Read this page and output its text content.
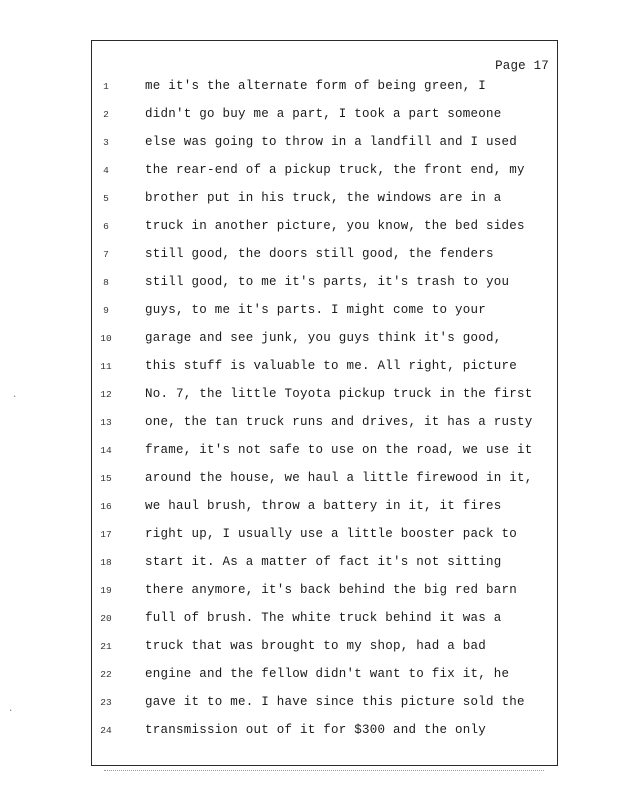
Page 17
1	me it's the alternate form of being green, I
2	didn't go buy me a part, I took a part someone
3	else was going to throw in a landfill and I used
4	the rear-end of a pickup truck, the front end, my
5	brother put in his truck, the windows are in a
6	truck in another picture, you know, the bed sides
7	still good, the doors still good, the fenders
8	still good, to me it's parts, it's trash to you
9	guys, to me it's parts. I might come to your
10	garage and see junk, you guys think it's good,
11	this stuff is valuable to me. All right, picture
12	No. 7, the little Toyota pickup truck in the first
13	one, the tan truck runs and drives, it has a rusty
14	frame, it's not safe to use on the road, we use it
15	around the house, we haul a little firewood in it,
16	we haul brush, throw a battery in it, it fires
17	right up, I usually use a little booster pack to
18	start it. As a matter of fact it's not sitting
19	there anymore, it's back behind the big red barn
20	full of brush. The white truck behind it was a
21	truck that was brought to my shop, had a bad
22	engine and the fellow didn't want to fix it, he
23	gave it to me. I have since this picture sold the
24	transmission out of it for $300 and the only
·
·
